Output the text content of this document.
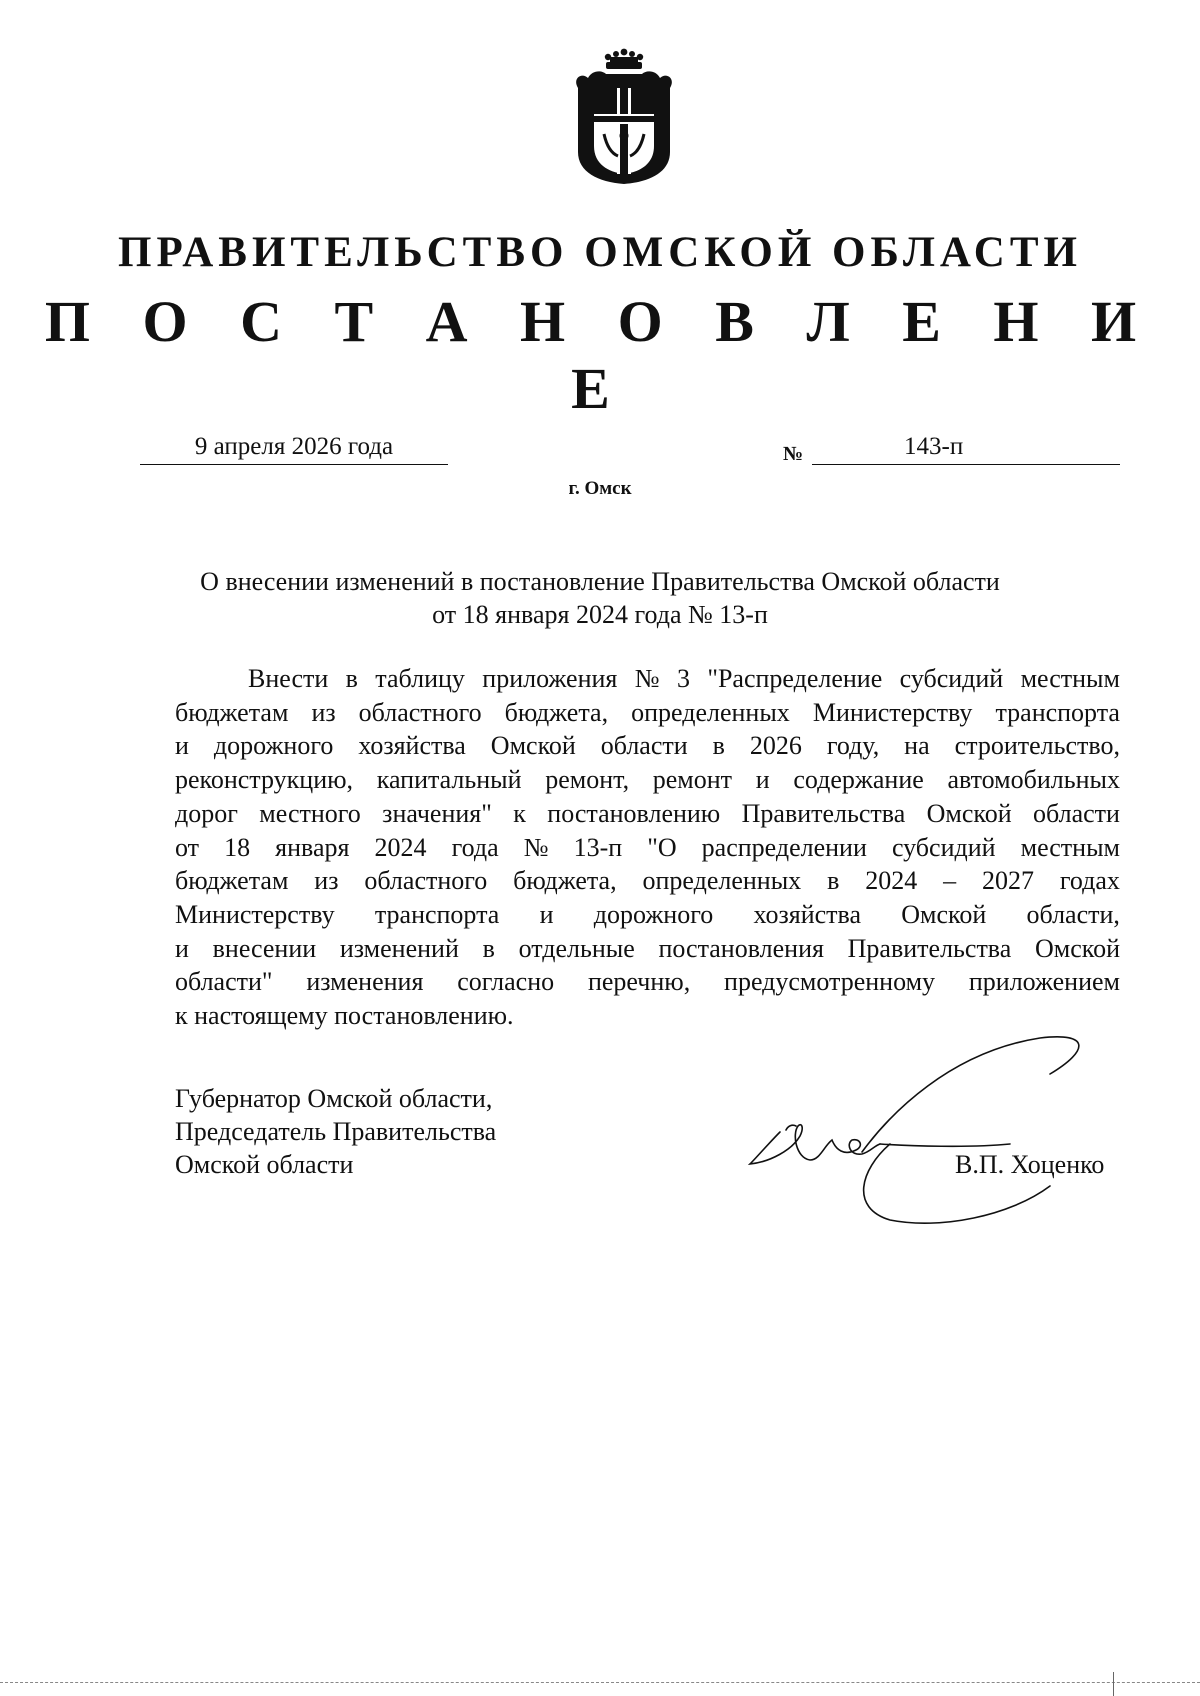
ПРАВИТЕЛЬСТВО ОМСКОЙ ОБЛАСТИ
П О С Т А Н О В Л Е Н И Е
9 апреля 2026 года	№	143-п
г. Омск
О внесении изменений в постановление Правительства Омской области
от 18 января 2024 года № 13-п
Внести в таблицу приложения № 3 "Распределение субсидий местным
бюджетам из областного бюджета, определенных Министерству транспорта
и дорожного хозяйства Омской области в 2026 году, на строительство,
реконструкцию, капитальный ремонт, ремонт и содержание автомобильных
дорог местного значения" к постановлению Правительства Омской области
от 18 января 2024 года № 13-п "О распределении субсидий местным
бюджетам из областного бюджета, определенных в 2024 – 2027 годах
Министерству транспорта и дорожного хозяйства Омской области,
и внесении изменений в отдельные постановления Правительства Омской
области" изменения согласно перечню, предусмотренному приложением
к настоящему постановлению.
Губернатор Омской области,
Председатель Правительства
Омской области	В.П. Хоценко
